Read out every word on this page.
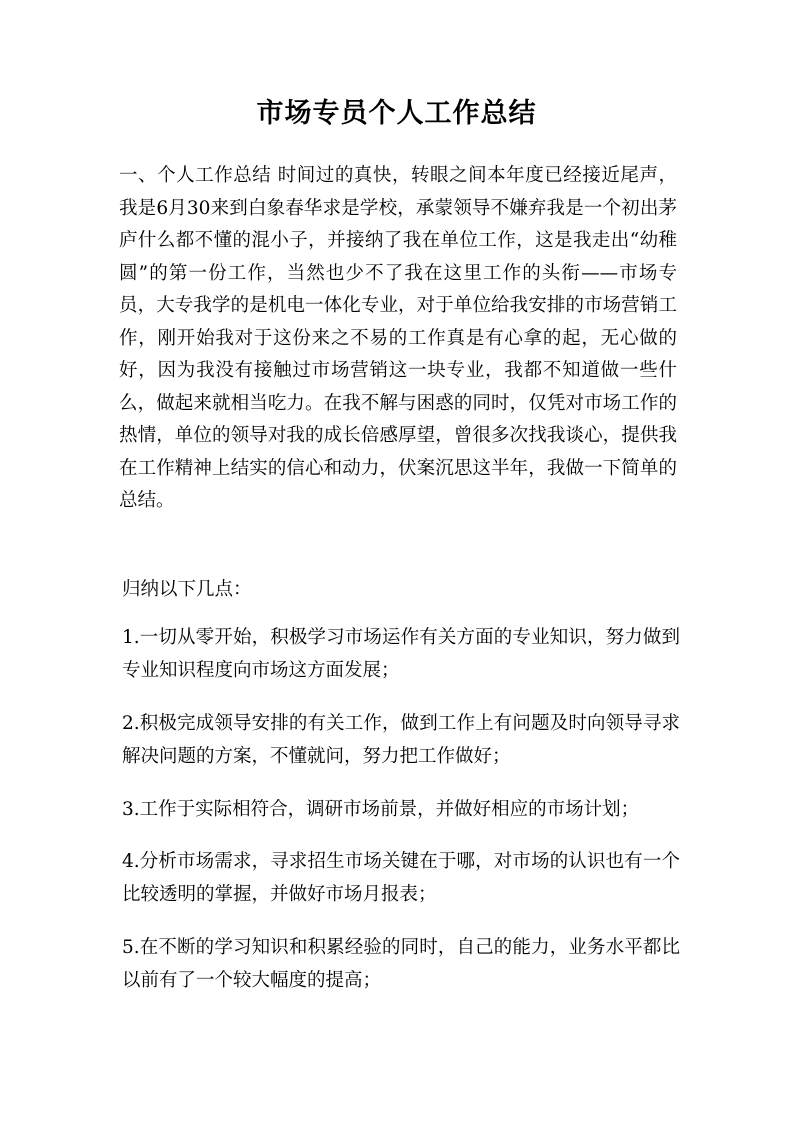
市场专员个人工作总结

一、个人工作总结 时间过的真快，转眼之间本年度已经接近尾声，我是6月30来到白象春华求是学校，承蒙领导不嫌弃我是一个初出茅庐什么都不懂的混小子，并接纳了我在单位工作，这是我走出“幼稚圆”的第一份工作，当然也少不了我在这里工作的头衔——市场专员，大专我学的是机电一体化专业，对于单位给我安排的市场营销工作，刚开始我对于这份来之不易的工作真是有心拿的起，无心做的好，因为我没有接触过市场营销这一块专业，我都不知道做一些什么，做起来就相当吃力。在我不解与困惑的同时，仅凭对市场工作的热情，单位的领导对我的成长倍感厚望，曾很多次找我谈心，提供我在工作精神上结实的信心和动力，伏案沉思这半年，我做一下简单的总结。

归纳以下几点：

1.一切从零开始，积极学习市场运作有关方面的专业知识，努力做到专业知识程度向市场这方面发展；

2.积极完成领导安排的有关工作，做到工作上有问题及时向领导寻求解决问题的方案，不懂就问，努力把工作做好；

3.工作于实际相符合，调研市场前景，并做好相应的市场计划；

4.分析市场需求，寻求招生市场关键在于哪，对市场的认识也有一个比较透明的掌握，并做好市场月报表；

5.在不断的学习知识和积累经验的同时，自己的能力，业务水平都比以前有了一个较大幅度的提高；
